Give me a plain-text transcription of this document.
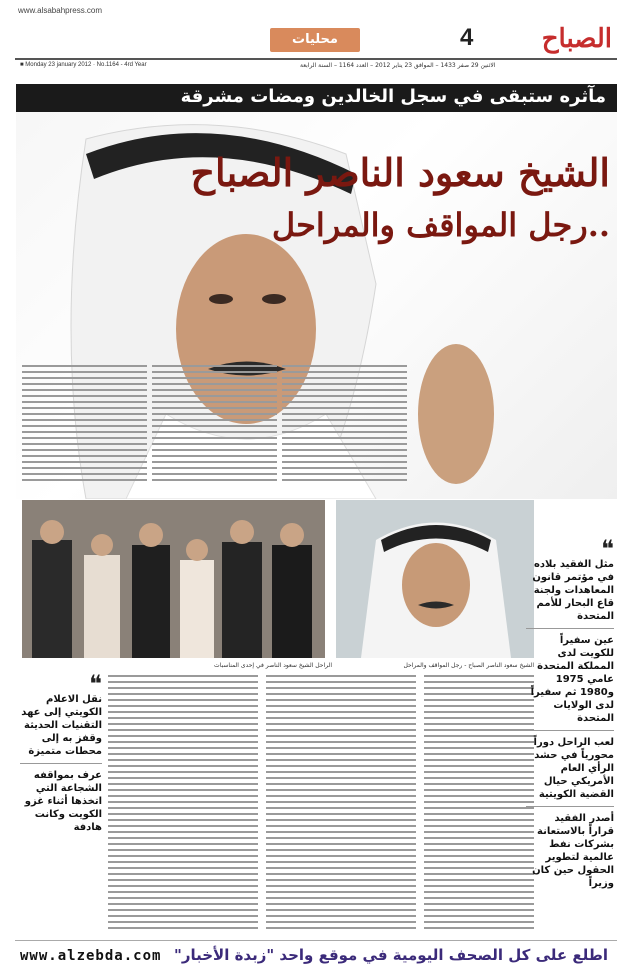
www.alsabahpress.com
محليات	4	الصباح
■ Monday 23 january 2012 · No.1164 - 4rd Year	الاثنين 29 صفر 1433 – الموافق 23 يناير 2012 – العدد 1164 – السنة الرابعة
مآثره ستبقى في سجل الخالدين ومضات مشرقة
الشيخ سعود الناصر الصباح
..رجل المواقف والمراحل
الراحل الشيخ سعود الناصر في إحدى المناسبات	الشيخ سعود الناصر الصباح - رجل المواقف والمراحل
❝
مثل الفقيد بلاده في مؤتمر قانون المعاهدات ولجنة قاع البحار للأمم المتحدة
عين سفيراً للكويت لدى المملكة المتحدة عامي 1975 و1980 ثم سفيراً لدى الولايات المتحدة
لعب الراحل دوراً محورياً في حشد الرأي العام الأمريكي حيال القضية الكويتية
أصدر الفقيد قراراً بالاستعانة بشركات نفط عالمية لتطوير الحقول حين كان وزيراً
❝
نقل الاعلام الكويتي إلى عهد التقنيات الحديثة وقفز به إلى محطات متميزة
عرف بمواقفه الشجاعة التي اتخذها أثناء غزو الكويت وكانت هادفة
www.alzebda.com اطلع على كل الصحف اليومية في موقع واحد "زبدة الأخبار"
